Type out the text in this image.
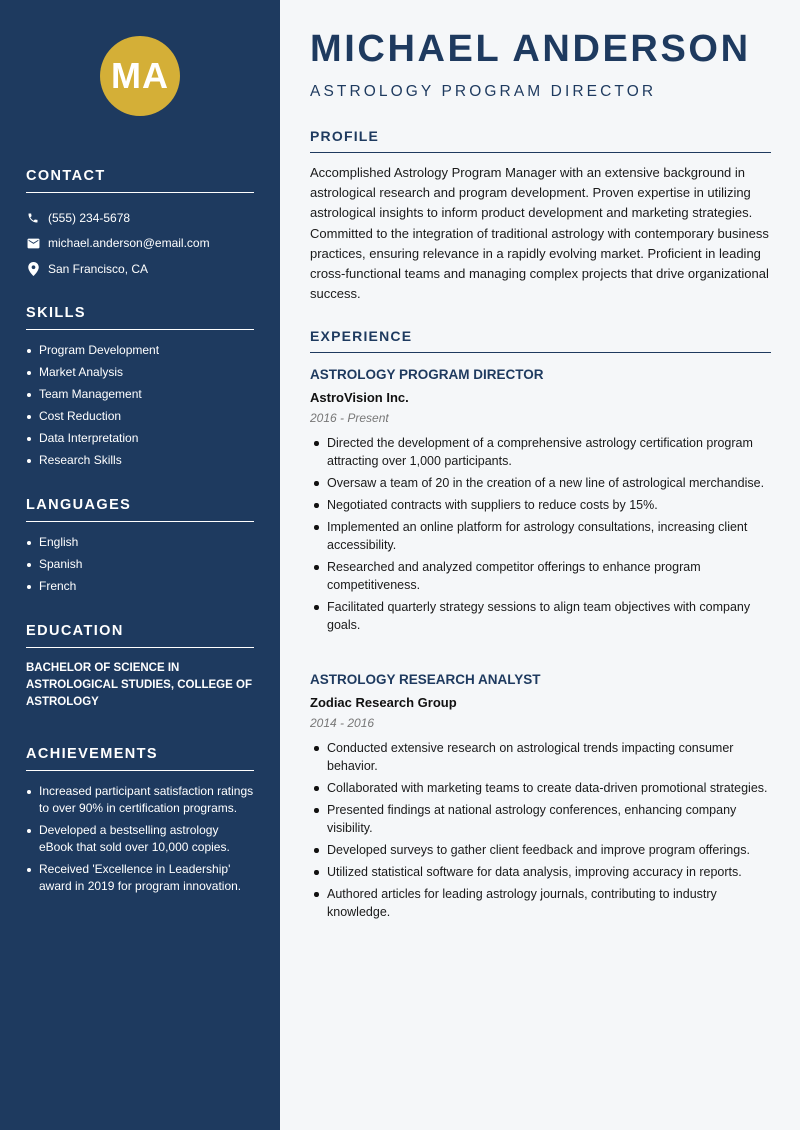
MA
CONTACT
(555) 234-5678
michael.anderson@email.com
San Francisco, CA
SKILLS
Program Development
Market Analysis
Team Management
Cost Reduction
Data Interpretation
Research Skills
LANGUAGES
English
Spanish
French
EDUCATION
BACHELOR OF SCIENCE IN ASTROLOGICAL STUDIES, COLLEGE OF ASTROLOGY
ACHIEVEMENTS
Increased participant satisfaction ratings to over 90% in certification programs.
Developed a bestselling astrology eBook that sold over 10,000 copies.
Received 'Excellence in Leadership' award in 2019 for program innovation.
MICHAEL ANDERSON
ASTROLOGY PROGRAM DIRECTOR
PROFILE
Accomplished Astrology Program Manager with an extensive background in astrological research and program development. Proven expertise in utilizing astrological insights to inform product development and marketing strategies. Committed to the integration of traditional astrology with contemporary business practices, ensuring relevance in a rapidly evolving market. Proficient in leading cross-functional teams and managing complex projects that drive organizational success.
EXPERIENCE
ASTROLOGY PROGRAM DIRECTOR
AstroVision Inc.
2016 - Present
Directed the development of a comprehensive astrology certification program attracting over 1,000 participants.
Oversaw a team of 20 in the creation of a new line of astrological merchandise.
Negotiated contracts with suppliers to reduce costs by 15%.
Implemented an online platform for astrology consultations, increasing client accessibility.
Researched and analyzed competitor offerings to enhance program competitiveness.
Facilitated quarterly strategy sessions to align team objectives with company goals.
ASTROLOGY RESEARCH ANALYST
Zodiac Research Group
2014 - 2016
Conducted extensive research on astrological trends impacting consumer behavior.
Collaborated with marketing teams to create data-driven promotional strategies.
Presented findings at national astrology conferences, enhancing company visibility.
Developed surveys to gather client feedback and improve program offerings.
Utilized statistical software for data analysis, improving accuracy in reports.
Authored articles for leading astrology journals, contributing to industry knowledge.
